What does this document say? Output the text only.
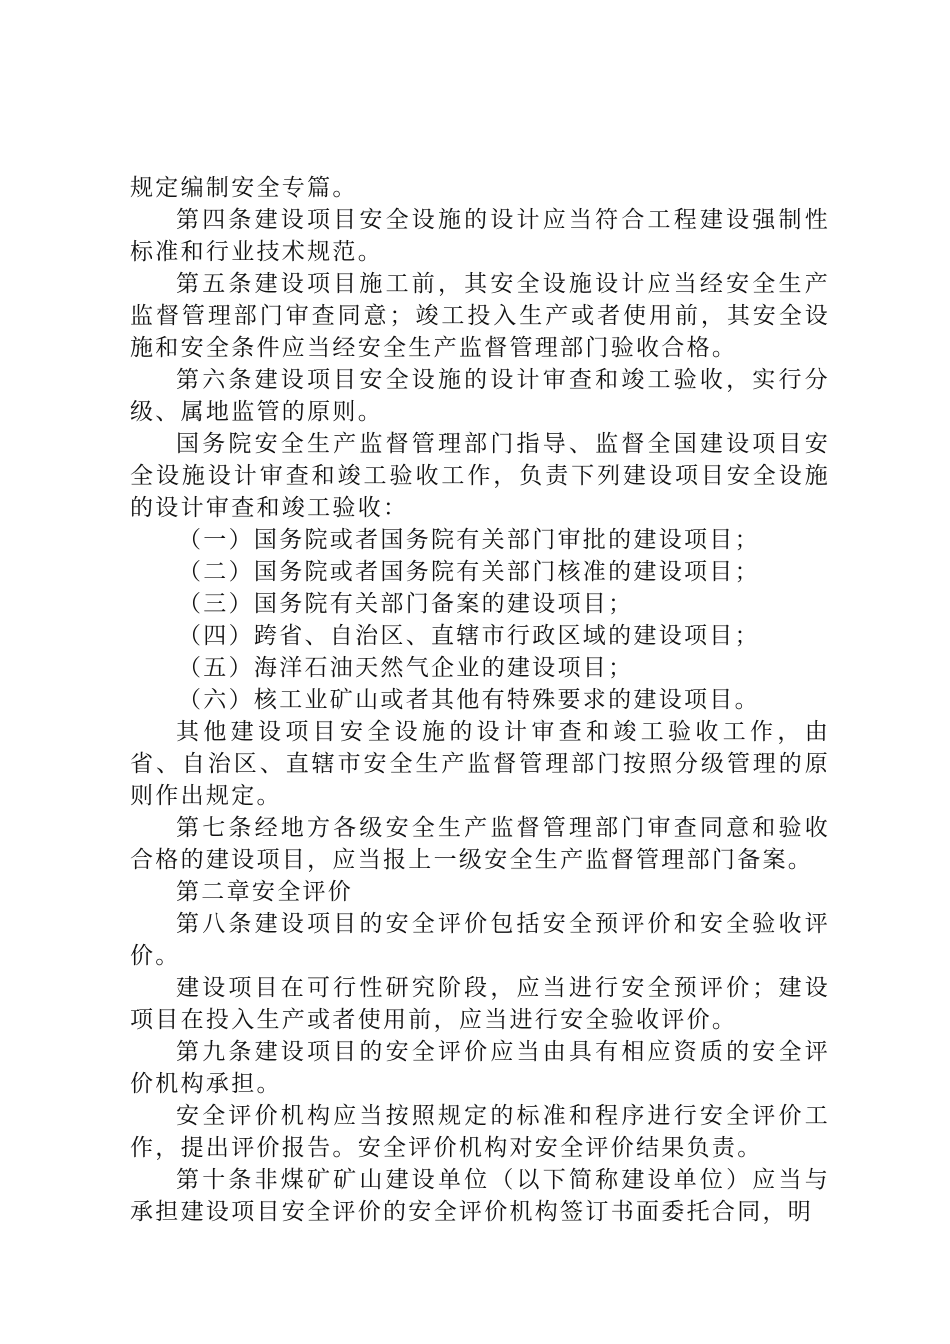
规定编制安全专篇。

第四条建设项目安全设施的设计应当符合工程建设强制性标准和行业技术规范。

第五条建设项目施工前，其安全设施设计应当经安全生产监督管理部门审查同意；竣工投入生产或者使用前，其安全设施和安全条件应当经安全生产监督管理部门验收合格。

第六条建设项目安全设施的设计审查和竣工验收，实行分级、属地监管的原则。

国务院安全生产监督管理部门指导、监督全国建设项目安全设施设计审查和竣工验收工作，负责下列建设项目安全设施的设计审查和竣工验收：

（一）国务院或者国务院有关部门审批的建设项目；

（二）国务院或者国务院有关部门核准的建设项目；

（三）国务院有关部门备案的建设项目；

（四）跨省、自治区、直辖市行政区域的建设项目；

（五）海洋石油天然气企业的建设项目；

（六）核工业矿山或者其他有特殊要求的建设项目。

其他建设项目安全设施的设计审查和竣工验收工作，由省、自治区、直辖市安全生产监督管理部门按照分级管理的原则作出规定。

第七条经地方各级安全生产监督管理部门审查同意和验收合格的建设项目，应当报上一级安全生产监督管理部门备案。

第二章安全评价

第八条建设项目的安全评价包括安全预评价和安全验收评价。

建设项目在可行性研究阶段，应当进行安全预评价；建设项目在投入生产或者使用前，应当进行安全验收评价。

第九条建设项目的安全评价应当由具有相应资质的安全评价机构承担。

安全评价机构应当按照规定的标准和程序进行安全评价工作，提出评价报告。安全评价机构对安全评价结果负责。

第十条非煤矿矿山建设单位（以下简称建设单位）应当与承担建设项目安全评价的安全评价机构签订书面委托合同，明
